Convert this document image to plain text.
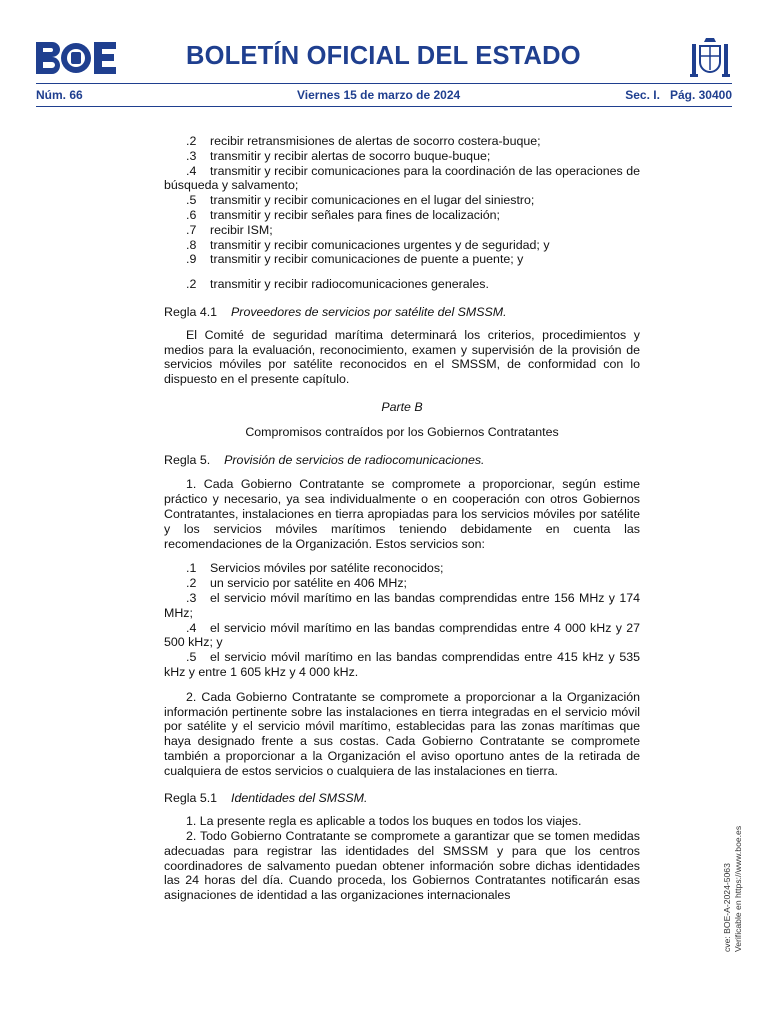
BOLETÍN OFICIAL DEL ESTADO
Núm. 66	Viernes 15 de marzo de 2024	Sec. I. Pág. 30400

.2 recibir retransmisiones de alertas de socorro costera-buque;

.3 transmitir y recibir alertas de socorro buque-buque;

.4 transmitir y recibir comunicaciones para la coordinación de las operaciones de búsqueda y salvamento;

.5 transmitir y recibir comunicaciones en el lugar del siniestro;

.6 transmitir y recibir señales para fines de localización;

.7 recibir ISM;

.8 transmitir y recibir comunicaciones urgentes y de seguridad; y

.9 transmitir y recibir comunicaciones de puente a puente; y

.2 transmitir y recibir radiocomunicaciones generales.

Regla 4.1 Proveedores de servicios por satélite del SMSSM.

El Comité de seguridad marítima determinará los criterios, procedimientos y medios para la evaluación, reconocimiento, examen y supervisión de la provisión de servicios móviles por satélite reconocidos en el SMSSM, de conformidad con lo dispuesto en el presente capítulo.

Parte B

Compromisos contraídos por los Gobiernos Contratantes

Regla 5. Provisión de servicios de radiocomunicaciones.

1. Cada Gobierno Contratante se compromete a proporcionar, según estime práctico y necesario, ya sea individualmente o en cooperación con otros Gobiernos Contratantes, instalaciones en tierra apropiadas para los servicios móviles por satélite y los servicios móviles marítimos teniendo debidamente en cuenta las recomendaciones de la Organización. Estos servicios son:

.1 Servicios móviles por satélite reconocidos;

.2 un servicio por satélite en 406 MHz;

.3 el servicio móvil marítimo en las bandas comprendidas entre 156 MHz y 174 MHz;

.4 el servicio móvil marítimo en las bandas comprendidas entre 4 000 kHz y 27 500 kHz; y

.5 el servicio móvil marítimo en las bandas comprendidas entre 415 kHz y 535 kHz y entre 1 605 kHz y 4 000 kHz.

2. Cada Gobierno Contratante se compromete a proporcionar a la Organización información pertinente sobre las instalaciones en tierra integradas en el servicio móvil por satélite y el servicio móvil marítimo, establecidas para las zonas marítimas que haya designado frente a sus costas. Cada Gobierno Contratante se compromete también a proporcionar a la Organización el aviso oportuno antes de la retirada de cualquiera de estos servicios o cualquiera de las instalaciones en tierra.

Regla 5.1 Identidades del SMSSM.

1. La presente regla es aplicable a todos los buques en todos los viajes.

2. Todo Gobierno Contratante se compromete a garantizar que se tomen medidas adecuadas para registrar las identidades del SMSSM y para que los centros coordinadores de salvamento puedan obtener información sobre dichas identidades las 24 horas del día. Cuando proceda, los Gobiernos Contratantes notificarán esas asignaciones de identidad a las organizaciones internacionales	cve: BOE-A-2024-5063 Verificable en https://www.boe.es
